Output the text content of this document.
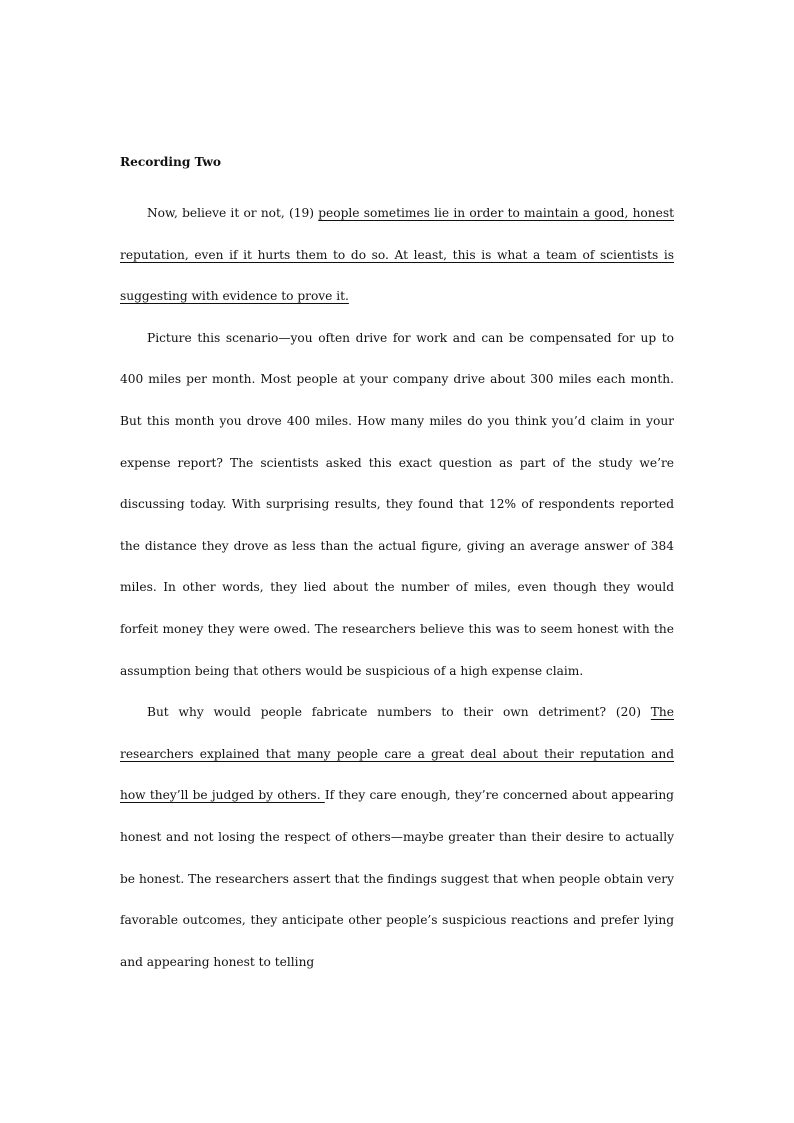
Recording Two

Now, believe it or not, (19) people sometimes lie in order to maintain a good, honest reputation, even if it hurts them to do so. At least, this is what a team of scientists is suggesting with evidence to prove it.

Picture this scenario—you often drive for work and can be compensated for up to 400 miles per month. Most people at your company drive about 300 miles each month. But this month you drove 400 miles. How many miles do you think you’d claim in your expense report? The scientists asked this exact question as part of the study we’re discussing today. With surprising results, they found that 12% of respondents reported the distance they drove as less than the actual figure, giving an average answer of 384 miles. In other words, they lied about the number of miles, even though they would forfeit money they were owed. The researchers believe this was to seem honest with the assumption being that others would be suspicious of a high expense claim.

But why would people fabricate numbers to their own detriment? (20) The researchers explained that many people care a great deal about their reputation and how they’ll be judged by others. If they care enough, they’re concerned about appearing honest and not losing the respect of others—maybe greater than their desire to actually be honest. The researchers assert that the findings suggest that when people obtain very favorable outcomes, they anticipate other people’s suspicious reactions and prefer lying and appearing honest to telling
